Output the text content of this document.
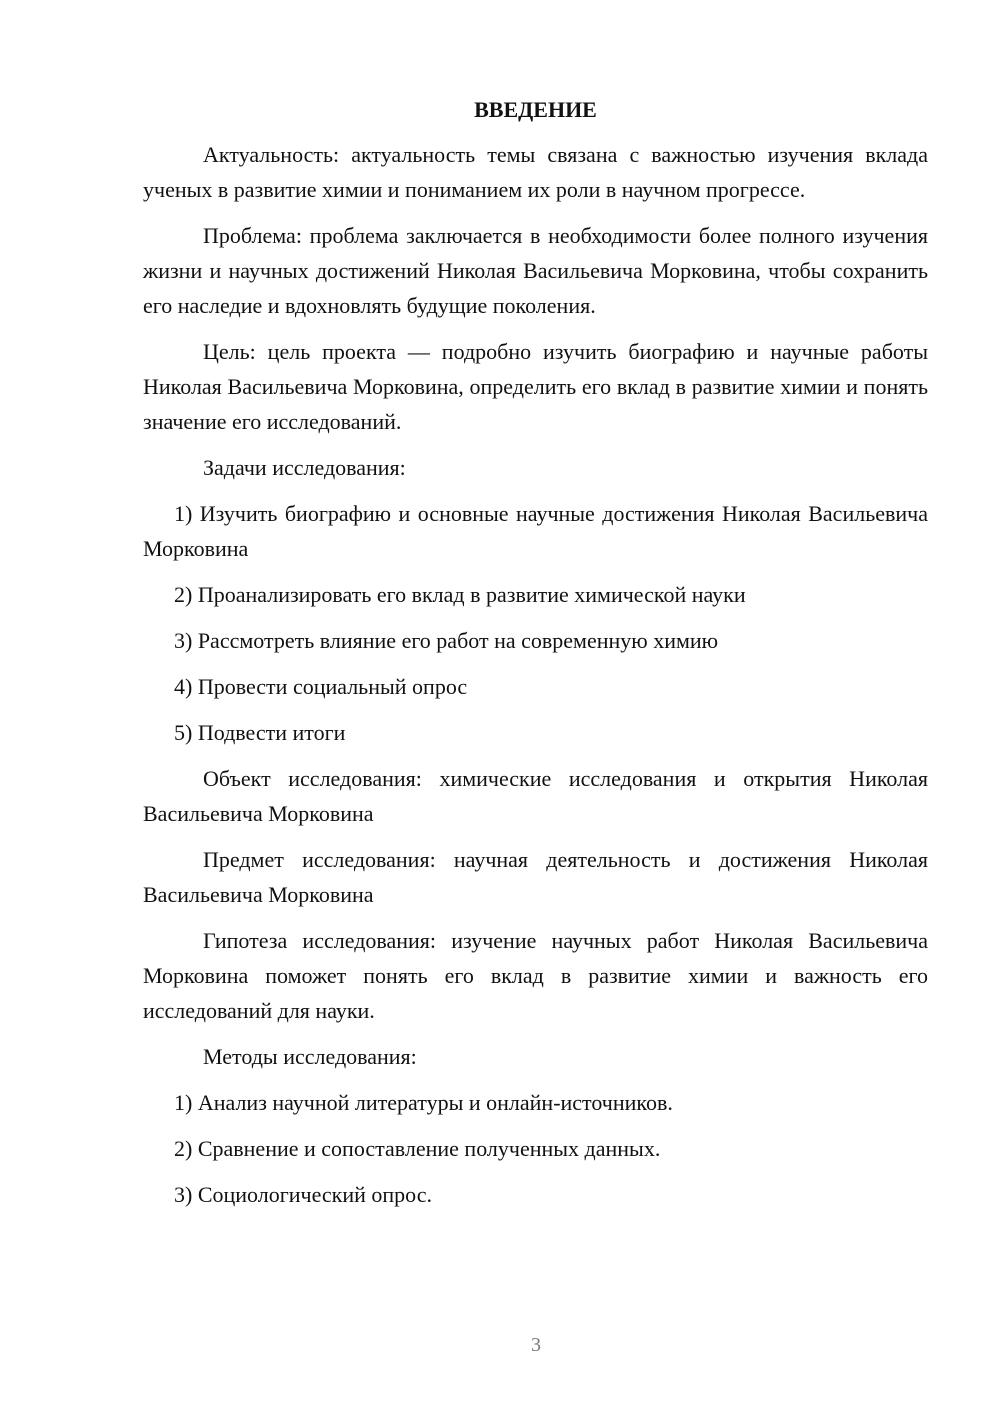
ВВЕДЕНИЕ

Актуальность: актуальность темы связана с важностью изучения вклада ученых в развитие химии и пониманием их роли в научном прогрессе.

Проблема: проблема заключается в необходимости более полного изучения жизни и научных достижений Николая Васильевича Морковина, чтобы сохранить его наследие и вдохновлять будущие поколения.

Цель: цель проекта — подробно изучить биографию и научные работы Николая Васильевича Морковина, определить его вклад в развитие химии и понять значение его исследований.

Задачи исследования:

1) Изучить биографию и основные научные достижения Николая Васильевича Морковина

2) Проанализировать его вклад в развитие химической науки

3) Рассмотреть влияние его работ на современную химию

4) Провести социальный опрос

5) Подвести итоги

Объект исследования: химические исследования и открытия Николая Васильевича Морковина

Предмет исследования: научная деятельность и достижения Николая Васильевича Морковина

Гипотеза исследования: изучение научных работ Николая Васильевича Морковина поможет понять его вклад в развитие химии и важность его исследований для науки.

Методы исследования:

1) Анализ научной литературы и онлайн-источников.

2) Сравнение и сопоставление полученных данных.

3) Социологический опрос.

3
